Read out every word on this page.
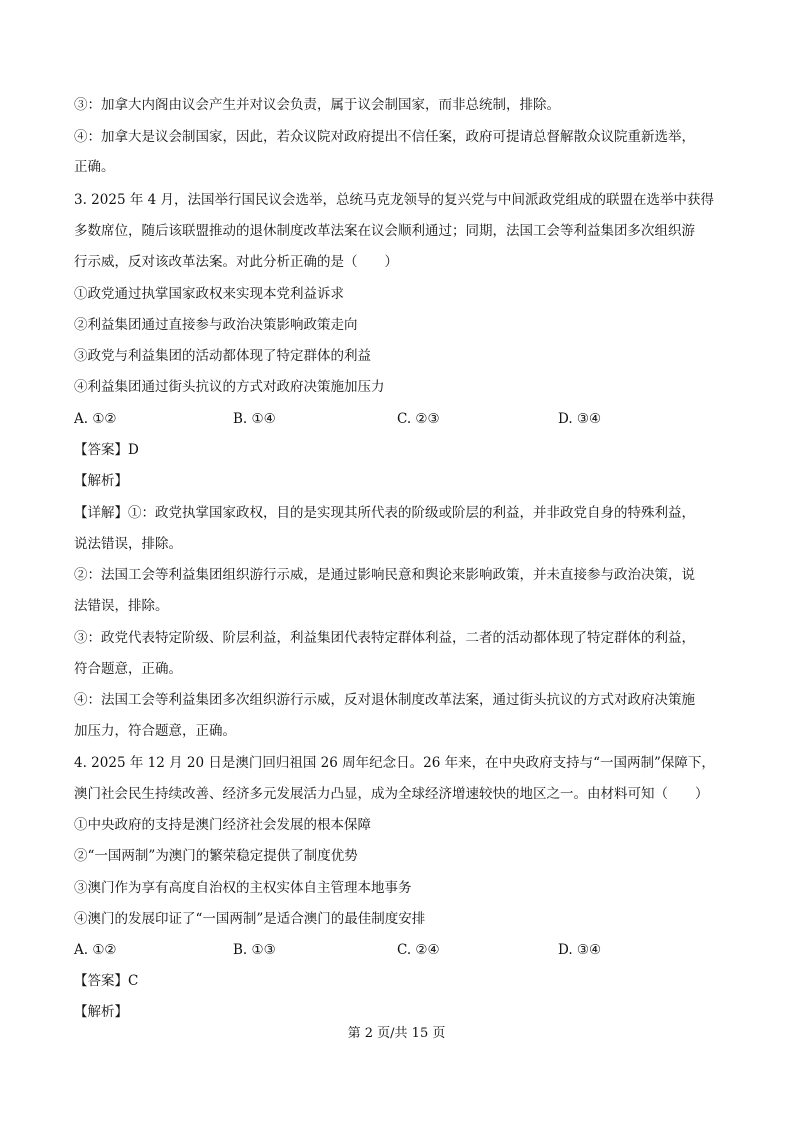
③：加拿大内阁由议会产生并对议会负责，属于议会制国家，而非总统制，排除。
④：加拿大是议会制国家，因此，若众议院对政府提出不信任案，政府可提请总督解散众议院重新选举，
正确。
3. 2025 年 4 月，法国举行国民议会选举，总统马克龙领导的复兴党与中间派政党组成的联盟在选举中获得
多数席位，随后该联盟推动的退休制度改革法案在议会顺利通过；同期，法国工会等利益集团多次组织游
行示威，反对该改革法案。对此分析正确的是（　　）
①政党通过执掌国家政权来实现本党利益诉求
②利益集团通过直接参与政治决策影响政策走向
③政党与利益集团的活动都体现了特定群体的利益
④利益集团通过街头抗议的方式对政府决策施加压力
A. ①②	B. ①④	C. ②③	D. ③④
【答案】D
【解析】
【详解】①：政党执掌国家政权，目的是实现其所代表的阶级或阶层的利益，并非政党自身的特殊利益，
说法错误，排除。
②：法国工会等利益集团组织游行示威，是通过影响民意和舆论来影响政策，并未直接参与政治决策，说
法错误，排除。
③：政党代表特定阶级、阶层利益，利益集团代表特定群体利益，二者的活动都体现了特定群体的利益，
符合题意，正确。
④：法国工会等利益集团多次组织游行示威，反对退休制度改革法案，通过街头抗议的方式对政府决策施
加压力，符合题意，正确。
4. 2025 年 12 月 20 日是澳门回归祖国 26 周年纪念日。26 年来，在中央政府支持与“一国两制”保障下，
澳门社会民生持续改善、经济多元发展活力凸显，成为全球经济增速较快的地区之一。由材料可知（　　）
①中央政府的支持是澳门经济社会发展的根本保障
②“一国两制”为澳门的繁荣稳定提供了制度优势
③澳门作为享有高度自治权的主权实体自主管理本地事务
④澳门的发展印证了“一国两制”是适合澳门的最佳制度安排
A. ①②	B. ①③	C. ②④	D. ③④
【答案】C
【解析】
第 2 页/共 15 页
